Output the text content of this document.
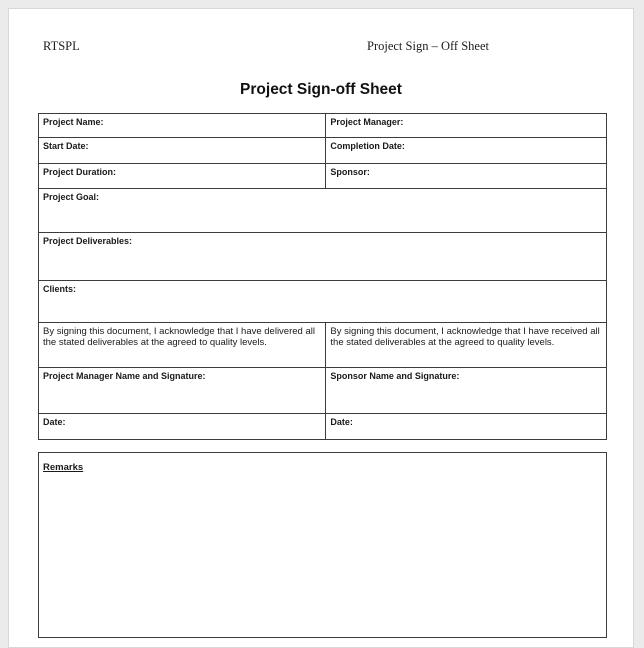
RTSPL	Project Sign – Off Sheet
Project Sign-off Sheet
Project Name:	Project Manager:
Start Date:	Completion Date:
Project Duration:	Sponsor:
Project Goal:	
Project Deliverables:	
Clients:	
By signing this document, I acknowledge that I have delivered all the stated deliverables at the agreed to quality levels.	By signing this document, I acknowledge that I have received all the stated deliverables at the agreed to quality levels.
Project Manager Name and Signature:	Sponsor Name and Signature:
Date:	Date:
Remarks
